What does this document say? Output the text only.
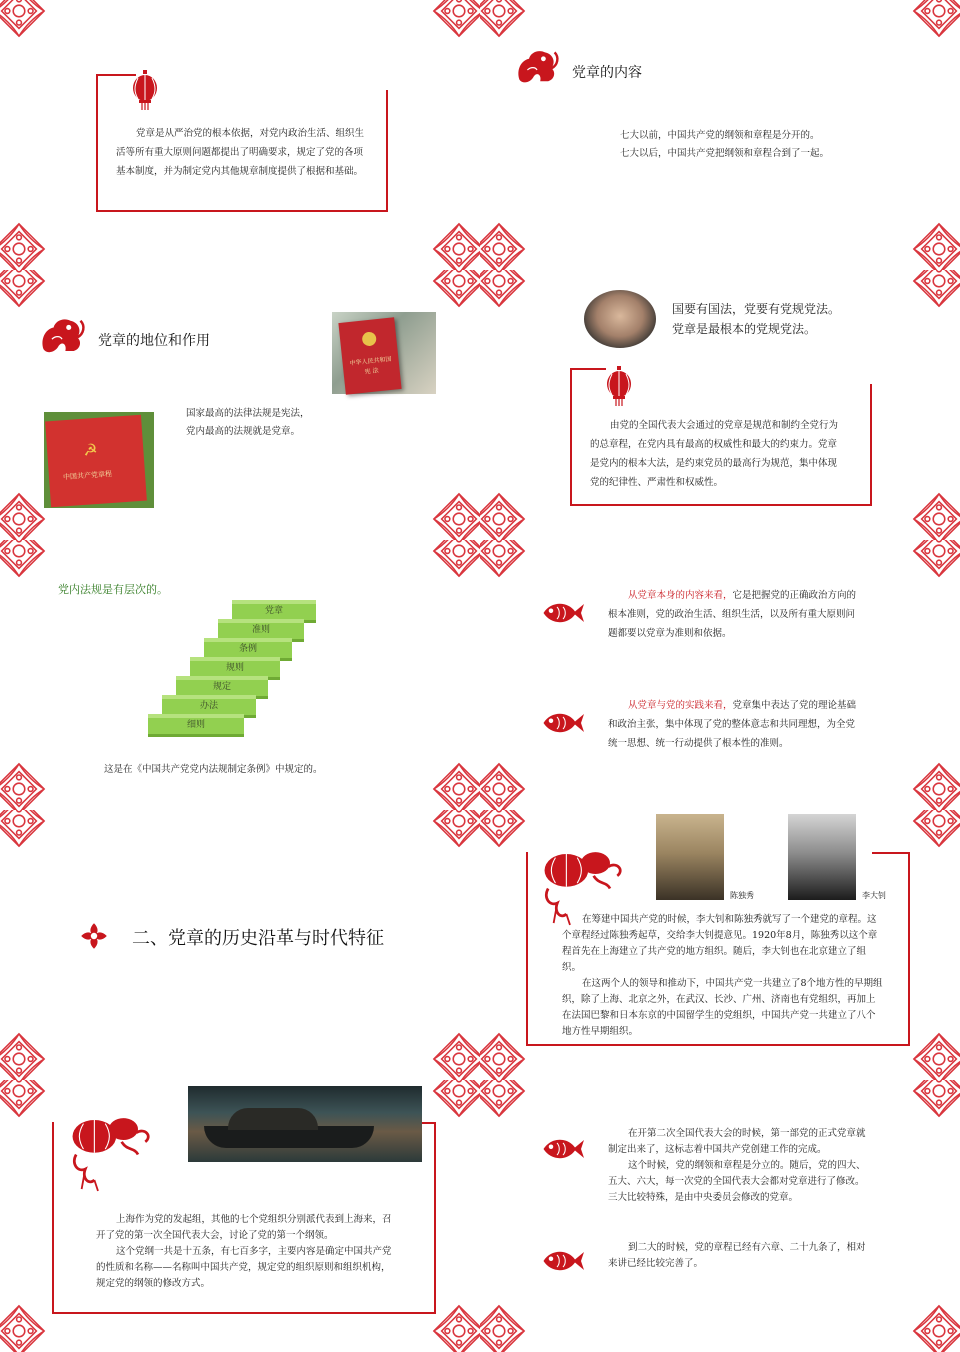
党章是从严治党的根本依据，对党内政治生活、组织生活等所有重大原则问题都提出了明确要求，规定了党的各项基本制度，并为制定党内其他规章制度提供了根据和基础。
党章的内容
七大以前，中国共产党的纲领和章程是分开的。
七大以后，中国共产党把纲领和章程合到了一起。
党章的地位和作用
中华人民共和国
宪 法
☭
中国共产党章程
国家最高的法律法规是宪法，
党内最高的法规就是党章。
国要有国法，党要有党规党法。
党章是最根本的党规党法。
由党的全国代表大会通过的党章是规范和制约全党行为的总章程，在党内具有最高的权威性和最大的约束力。党章是党内的根本大法，是约束党员的最高行为规范，集中体现党的纪律性、严肃性和权威性。
党内法规是有层次的。
党章
准则
条例
规则
规定
办法
细则
这是在《中国共产党党内法规制定条例》中规定的。
从党章本身的内容来看，它是把握党的正确政治方向的根本准则，党的政治生活、组织生活，以及所有重大原则问题都要以党章为准则和依据。
从党章与党的实践来看，党章集中表达了党的理论基础和政治主张，集中体现了党的整体意志和共同理想，为全党统一思想、统一行动提供了根本性的准则。
二、党章的历史沿革与时代特征
陈独秀	李大钊
在筹建中国共产党的时候，李大钊和陈独秀就写了一个建党的章程。这个章程经过陈独秀起草，交给李大钊提意见。1920年8月，陈独秀以这个章程首先在上海建立了共产党的地方组织。随后，李大钊也在北京建立了组织。
在这两个人的领导和推动下，中国共产党一共建立了8个地方性的早期组织，除了上海、北京之外，在武汉、长沙、广州、济南也有党组织，再加上在法国巴黎和日本东京的中国留学生的党组织，中国共产党一共建立了八个地方性早期组织。
上海作为党的发起组，其他的七个党组织分别派代表到上海来，召开了党的第一次全国代表大会，讨论了党的第一个纲领。
这个党纲一共是十五条，有七百多字，主要内容是确定中国共产党的性质和名称——名称叫中国共产党，规定党的组织原则和组织机构，规定党的纲领的修改方式。
在开第二次全国代表大会的时候，第一部党的正式党章就制定出来了，这标志着中国共产党创建工作的完成。
这个时候，党的纲领和章程是分立的。随后，党的四大、五大、六大，每一次党的全国代表大会都对党章进行了修改。三大比较特殊，是由中央委员会修改的党章。
到二大的时候，党的章程已经有六章、二十九条了，相对来讲已经比较完善了。
